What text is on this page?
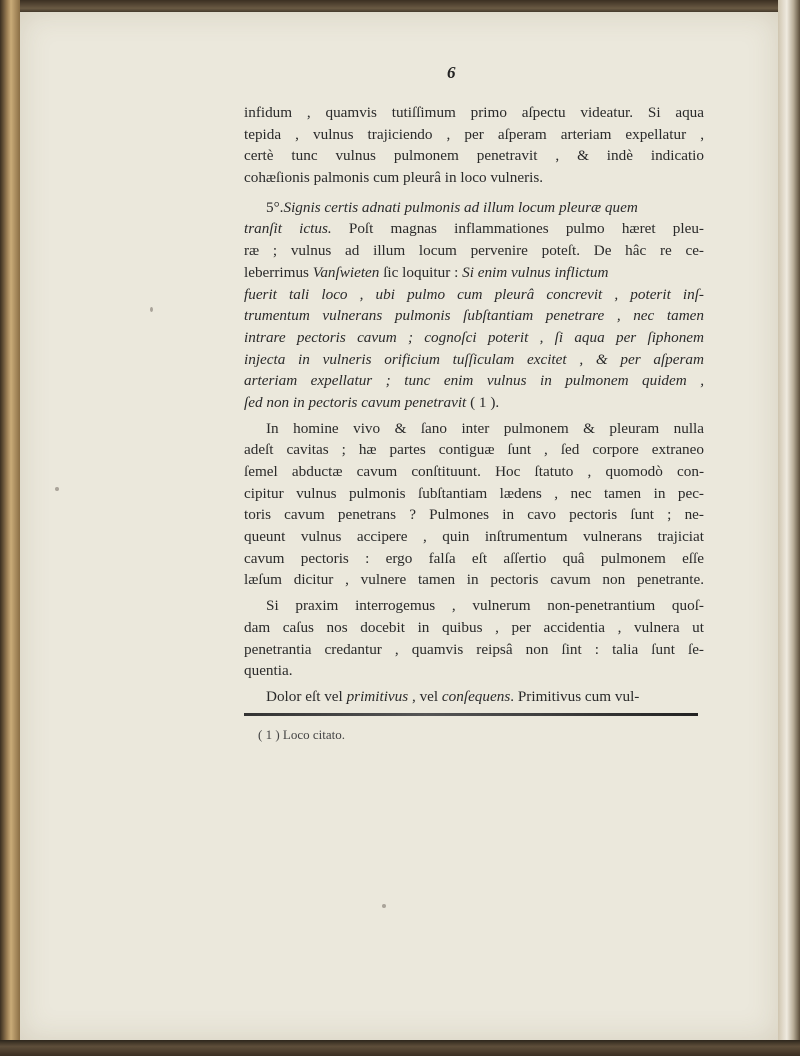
6
infidum , quamvis tutiſſimum primo aſpectu videatur. Si aqua
tepida , vulnus trajiciendo , per aſperam arteriam expellatur ,
certè tunc vulnus pulmonem penetravit , & indè indicatio
cohæſionis palmonis cum pleurâ in loco vulneris.
5°.Signis certis adnati pulmonis ad illum locum pleuræ quem
tranſit ictus. Poſt magnas inflammationes pulmo hæret pleu-
ræ ; vulnus ad illum locum pervenire poteſt. De hâc re ce-
leberrimus Vanſwieten ſic loquitur : Si enim vulnus inflictum
fuerit tali loco , ubi pulmo cum pleurâ concrevit , poterit inſ-
trumentum vulnerans pulmonis ſubſtantiam penetrare , nec tamen
intrare pectoris cavum ; cognoſci poterit , ſi aqua per ſiphonem
injecta in vulneris orificium tuſſiculam excitet , & per aſperam
arteriam expellatur ; tunc enim vulnus in pulmonem quidem ,
ſed non in pectoris cavum penetravit ( 1 ).
In homine vivo & ſano inter pulmonem & pleuram nulla
adeſt cavitas ; hæ partes contiguæ ſunt , ſed corpore extraneo
ſemel abductæ cavum conſtituunt. Hoc ſtatuto , quomodò con-
cipitur vulnus pulmonis ſubſtantiam lædens , nec tamen in pec-
toris cavum penetrans ? Pulmones in cavo pectoris ſunt ; ne-
queunt vulnus accipere , quin inſtrumentum vulnerans trajiciat
cavum pectoris : ergo falſa eſt aſſertio quâ pulmonem eſſe
læſum dicitur , vulnere tamen in pectoris cavum non penetrante.
Si praxim interrogemus , vulnerum non-penetrantium quoſ-
dam caſus nos docebit in quibus , per accidentia , vulnera ut
penetrantia credantur , quamvis reipsâ non ſint : talia ſunt ſe-
quentia.
Dolor eſt vel primitivus , vel conſequens. Primitivus cum vul-
( 1 ) Loco citato.
